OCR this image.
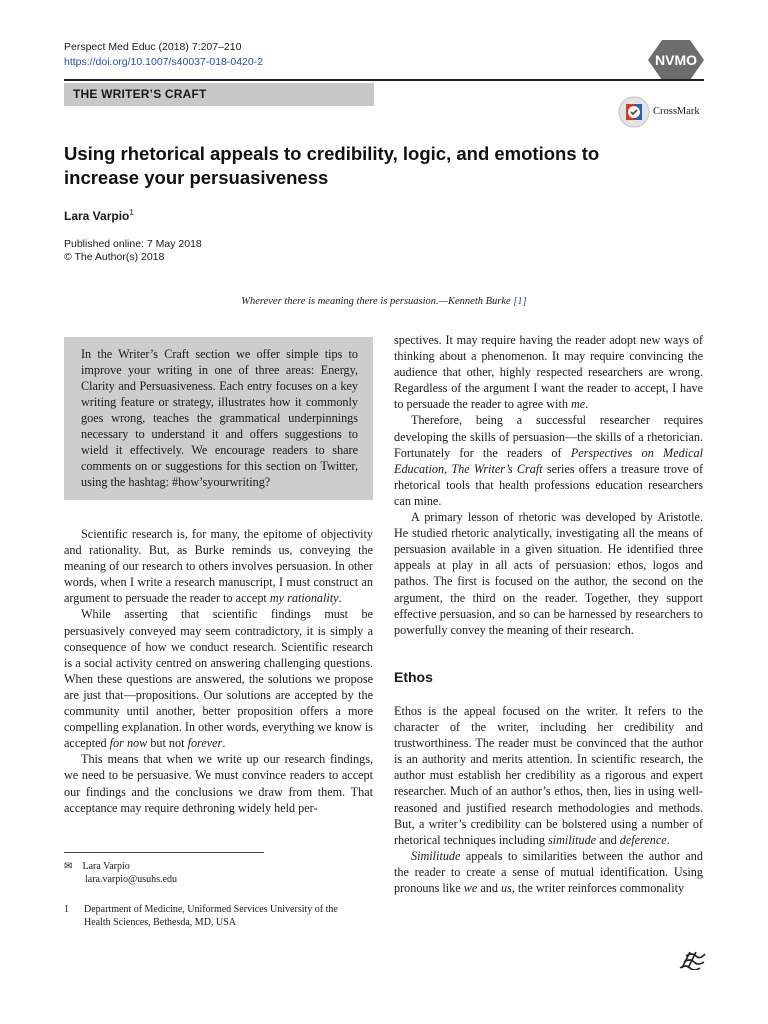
Perspect Med Educ (2018) 7:207–210
https://doi.org/10.1007/s40037-018-0420-2	NVMO
THE WRITER’S CRAFT
CrossMark
Using rhetorical appeals to credibility, logic, and emotions to increase your persuasiveness
Lara Varpio$^1$
Published online: 7 May 2018
© The Author(s) 2018
Wherever there is meaning there is persuasion.—Kenneth Burke [1]

In the Writer’s Craft section we offer simple tips to improve your writing in one of three areas: Energy, Clarity and Persuasiveness. Each entry focuses on a key writing feature or strategy, illustrates how it commonly goes wrong, teaches the grammatical underpinnings necessary to understand it and offers suggestions to wield it effectively. We encourage readers to share comments on or suggestions for this section on Twitter, using the hashtag: #how’syourwriting?

Scientific research is, for many, the epitome of objectivity and rationality. But, as Burke reminds us, conveying the meaning of our research to others involves persuasion. In other words, when I write a research manuscript, I must construct an argument to persuade the reader to accept my rationality.

While asserting that scientific findings must be persuasively conveyed may seem contradictory, it is simply a consequence of how we conduct research. Scientific research is a social activity centred on answering challenging questions. When these questions are answered, the solutions we propose are just that—propositions. Our solutions are accepted by the community until another, better proposition offers a more compelling explanation. In other words, everything we know is accepted for now but not forever.

This means that when we write up our research findings, we need to be persuasive. We must convince readers to accept our findings and the conclusions we draw from them. That acceptance may require dethroning widely held per-

spectives. It may require having the reader adopt new ways of thinking about a phenomenon. It may require convincing the audience that other, highly respected researchers are wrong. Regardless of the argument I want the reader to accept, I have to persuade the reader to agree with me.

Therefore, being a successful researcher requires developing the skills of persuasion—the skills of a rhetorician. Fortunately for the readers of Perspectives on Medical Education, The Writer’s Craft series offers a treasure trove of rhetorical tools that health professions education researchers can mine.

A primary lesson of rhetoric was developed by Aristotle. He studied rhetoric analytically, investigating all the means of persuasion available in a given situation. He identified three appeals at play in all acts of persuasion: ethos, logos and pathos. The first is focused on the author, the second on the argument, the third on the reader. Together, they support effective persuasion, and so can be harnessed by researchers to powerfully convey the meaning of their research.

Ethos

Ethos is the appeal focused on the writer. It refers to the character of the writer, including her credibility and trustworthiness. The reader must be convinced that the author is an authority and merits attention. In scientific research, the author must establish her credibility as a rigorous and expert researcher. Much of an author’s ethos, then, lies in using well-reasoned and justified research methodologies and methods. But, a writer’s credibility can be bolstered using a number of rhetorical techniques including similitude and deference.

Similitude appeals to similarities between the author and the reader to create a sense of mutual identification. Using pronouns like we and us, the writer reinforces commonality

✉ Lara Varpio
lara.varpio@usuhs.edu
1 Department of Medicine, Uniformed Services University of the Health Sciences, Bethesda, MD, USA
